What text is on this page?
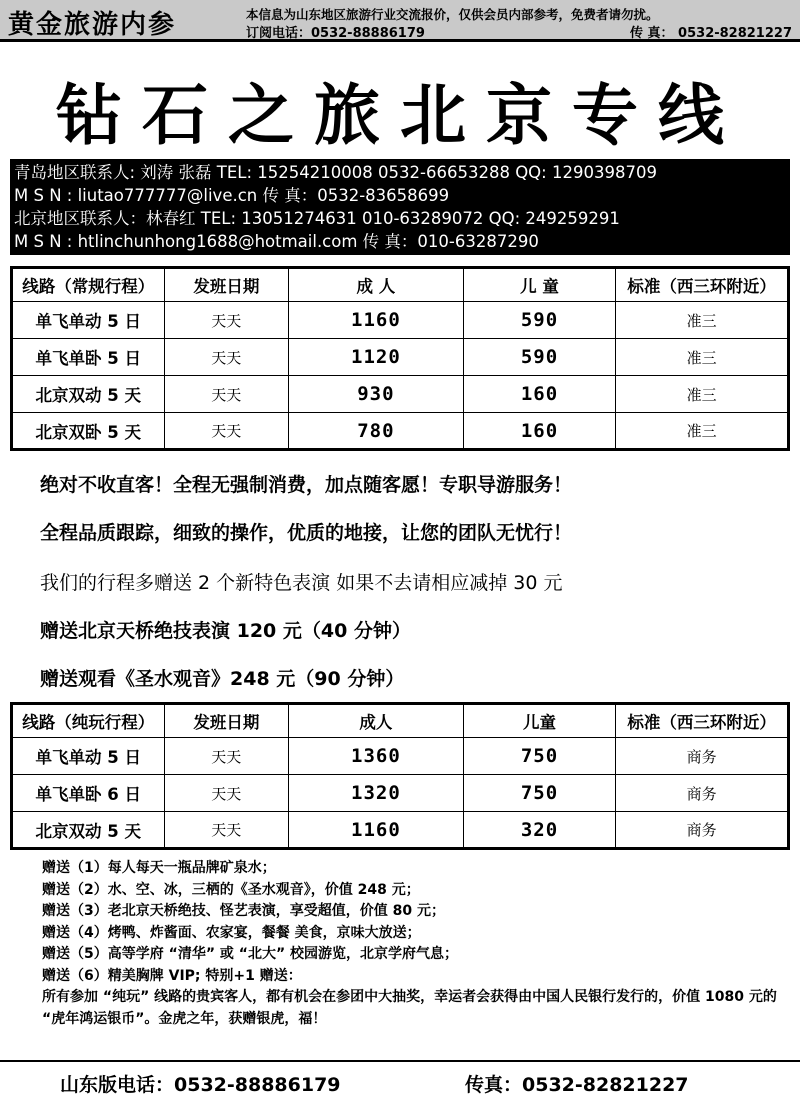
黄金旅游内参	本信息为山东地区旅游行业交流报价，仅供会员内部参考，免费者请勿扰。
订阅电话：0532-88886179	传 真： 0532-82821227
钻石之旅北京专线
青岛地区联系人: 刘涛 张磊 TEL: 15254210008 0532-66653288 QQ: 1290398709
M S N : liutao777777@live.cn 传 真：0532-83658699
北京地区联系人：林春红 TEL: 13051274631 010-63289072 QQ: 249259291
M S N : htlinchunhong1688@hotmail.com 传 真：010-63287290
线路（常规行程）	发班日期	成 人	儿 童	标准（西三环附近）
单飞单动 5 日	天天	1160	590	准三
单飞单卧 5 日	天天	1120	590	准三
北京双动 5 天	天天	930	160	准三
北京双卧 5 天	天天	780	160	准三
绝对不收直客！全程无强制消费，加点随客愿！专职导游服务！
全程品质跟踪，细致的操作，优质的地接，让您的团队无忧行！
我们的行程多赠送 2 个新特色表演 如果不去请相应减掉 30 元
赠送北京天桥绝技表演 120 元（40 分钟）
赠送观看《圣水观音》248 元（90 分钟）
线路（纯玩行程）	发班日期	成人	儿童	标准（西三环附近）
单飞单动 5 日	天天	1360	750	商务
单飞单卧 6 日	天天	1320	750	商务
北京双动 5 天	天天	1160	320	商务
赠送（1）每人每天一瓶品牌矿泉水；
赠送（2）水、空、冰，三栖的《圣水观音》，价值 248 元；
赠送（3）老北京天桥绝技、怪艺表演，享受超值，价值 80 元；
赠送（4）烤鸭、炸酱面、农家宴，餐餐 美食，京味大放送；
赠送（5）高等学府 “清华” 或 “北大” 校园游览，北京学府气息；
赠送（6）精美胸牌 VIP; 特别+1 赠送：
所有参加 “纯玩” 线路的贵宾客人，都有机会在参团中大抽奖，幸运者会获得由中国人民银行发行的，价值 1080 元的 “虎年鸿运银币”。金虎之年，获赠银虎，福！
山东版电话：0532-88886179	传真：0532-82821227
